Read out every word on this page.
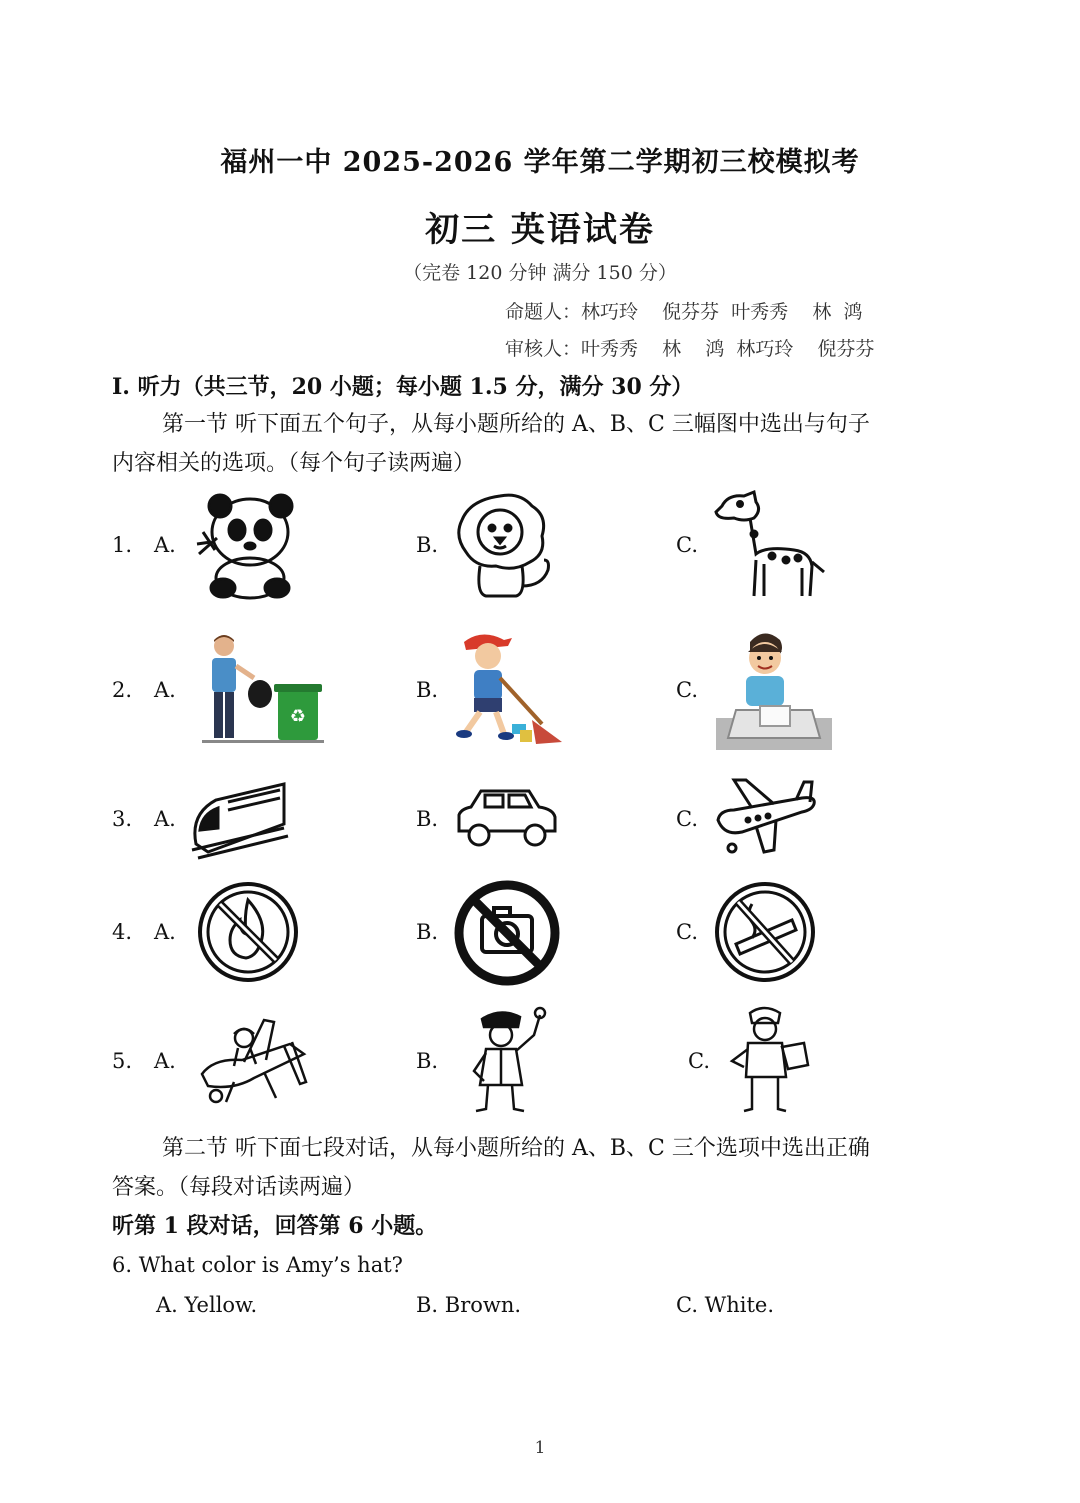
福州一中 2025-2026 学年第二学期初三校模拟考
初三 英语试卷
（完卷 120 分钟 满分 150 分）
命题人：林巧玲    倪芬芬  叶秀秀    林  鸿
审核人：叶秀秀    林    鸿  林巧玲    倪芬芬
I. 听力（共三节，20 小题；每小题 1.5 分，满分 30 分）
第一节 听下面五个句子，从每小题所给的 A、B、C 三幅图中选出与句子
内容相关的选项。（每个句子读两遍）
1. A.	B.	C.
2. A.	B.	C.
♻
3. A.	B.	C.
4. A.	B.	C.
5. A.	B.	C.
第二节 听下面七段对话，从每小题所给的 A、B、C 三个选项中选出正确
答案。（每段对话读两遍）
听第 1 段对话，回答第 6 小题。
6. What color is Amy’s hat?
A. Yellow.	B. Brown.	C. White.
1
